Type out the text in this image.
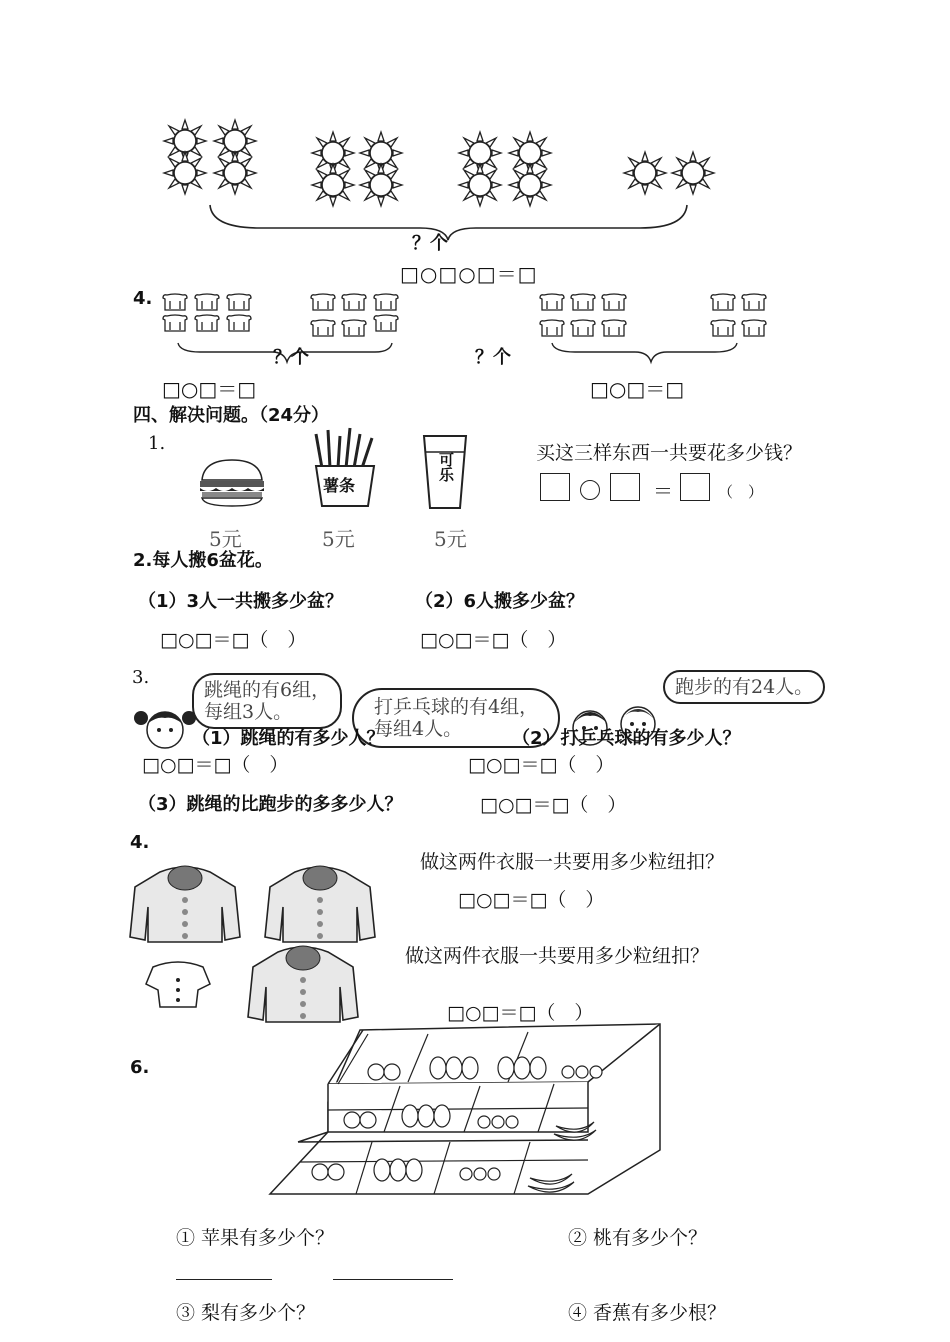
？个
□○□○□＝□
4.
？个	？个
□○□＝□	□○□＝□
四、解决问题。（24分）
1.
薯条
可乐
5元	5元	5元
买这三样东西一共要花多少钱？
＝	（　）
2.每人搬6盆花。
（1）3人一共搬多少盆？	（2）6人搬多少盆？
□○□＝□（　）	□○□＝□（　）
3.
跳绳的有6组，
每组3人。	打乒乓球的有4组，
每组4人。
跑步的有24人。
（1）跳绳的有多少人？	（2）打乒乓球的有多少人？
□○□＝□（　）	□○□＝□（　）
（3）跳绳的比跑步的多多少人？	□○□＝□（　）
4.
做这两件衣服一共要用多少粒纽扣？
□○□＝□（　）
做这两件衣服一共要用多少粒纽扣？
□○□＝□（　）
6.
① 苹果有多少个？	② 桃有多少个？
③ 梨有多少个？	④ 香蕉有多少根？
